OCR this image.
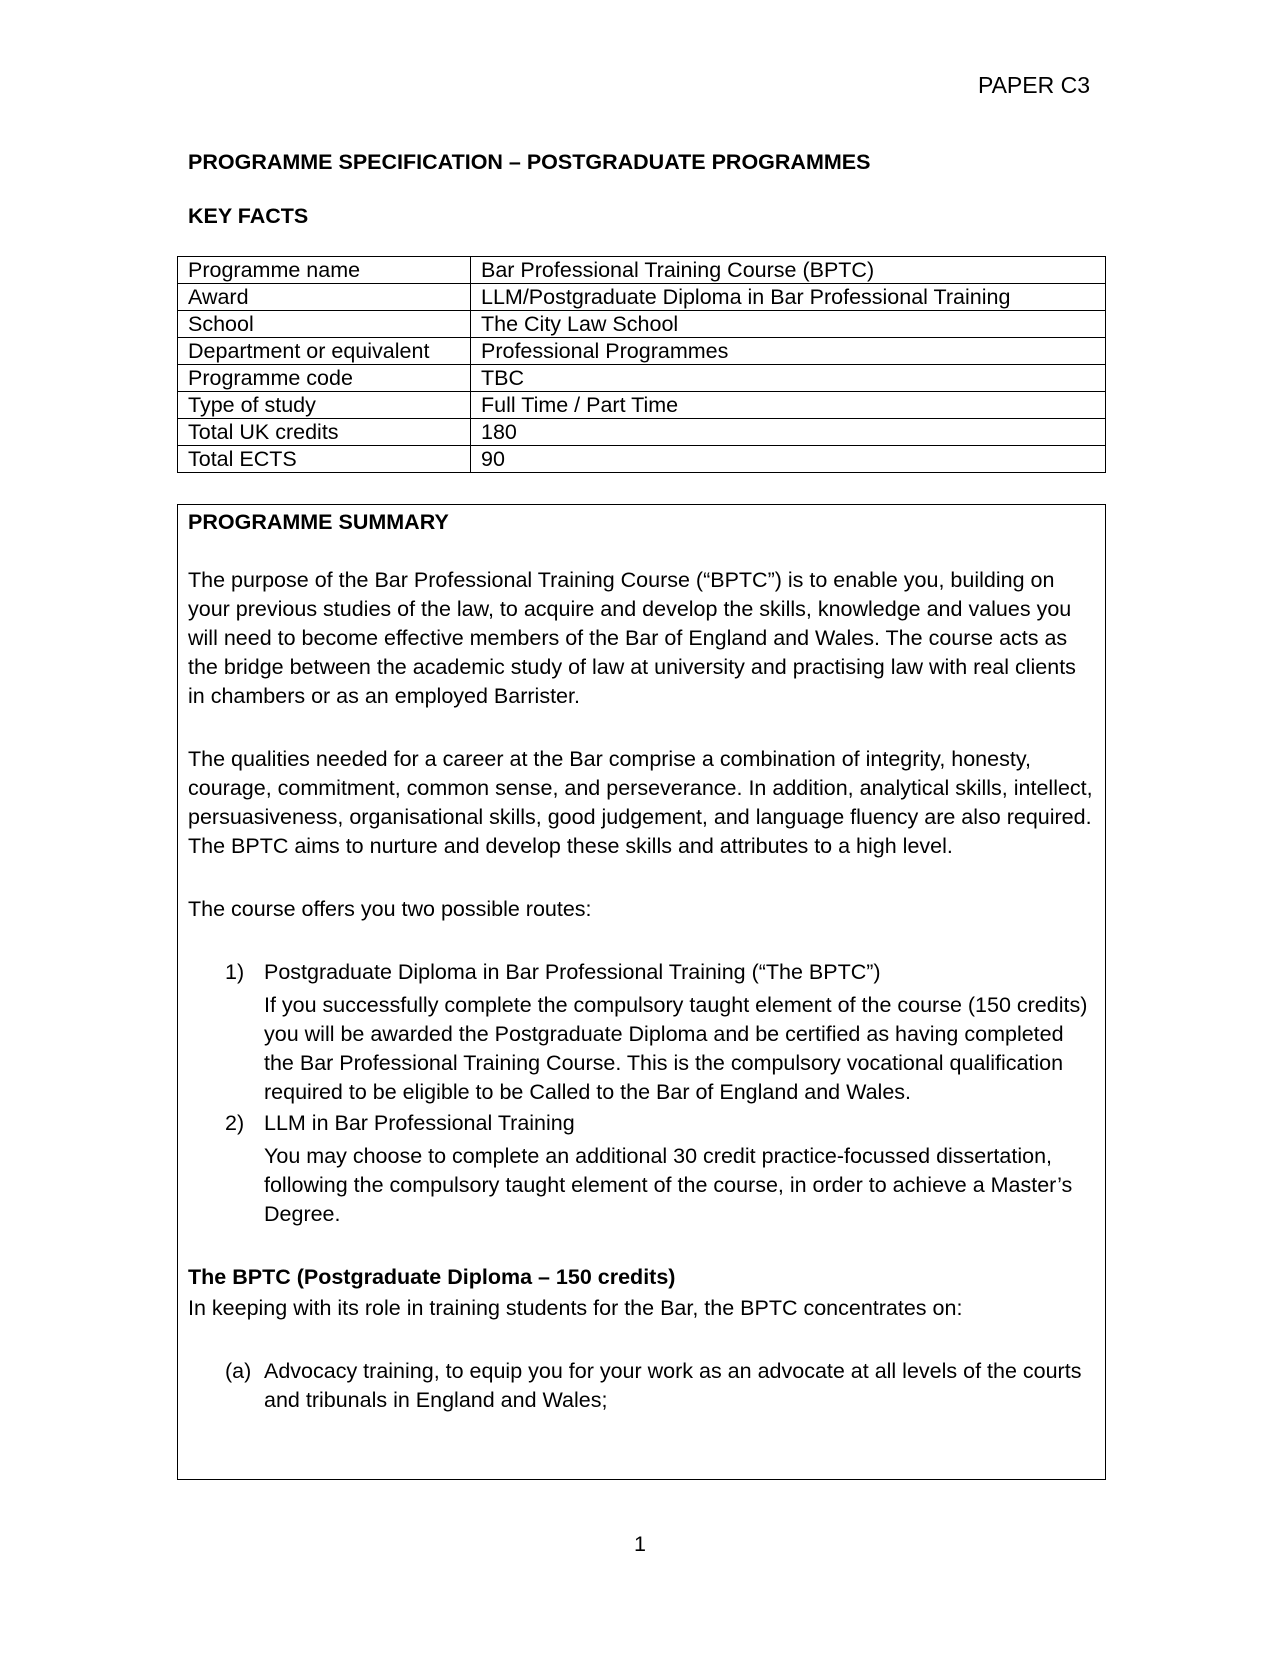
PAPER C3
PROGRAMME SPECIFICATION – POSTGRADUATE PROGRAMMES
KEY FACTS
Programme name	Bar Professional Training Course (BPTC)
Award	LLM/Postgraduate Diploma in Bar Professional Training
School	The City Law School
Department or equivalent	Professional Programmes
Programme code	TBC
Type of study	Full Time / Part Time
Total UK credits	180
Total ECTS	90
PROGRAMME SUMMARY

The purpose of the Bar Professional Training Course (“BPTC”) is to enable you, building on your previous studies of the law, to acquire and develop the skills, knowledge and values you will need to become effective members of the Bar of England and Wales. The course acts as the bridge between the academic study of law at university and practising law with real clients in chambers or as an employed Barrister.

The qualities needed for a career at the Bar comprise a combination of integrity, honesty, courage, commitment, common sense, and perseverance. In addition, analytical skills, intellect, persuasiveness, organisational skills, good judgement, and language fluency are also required. The BPTC aims to nurture and develop these skills and attributes to a high level.

The course offers you two possible routes:

1) Postgraduate Diploma in Bar Professional Training (“The BPTC”)
If you successfully complete the compulsory taught element of the course (150 credits) you will be awarded the Postgraduate Diploma and be certified as having completed the Bar Professional Training Course. This is the compulsory vocational qualification required to be eligible to be Called to the Bar of England and Wales.
2) LLM in Bar Professional Training
You may choose to complete an additional 30 credit practice-focussed dissertation, following the compulsory taught element of the course, in order to achieve a Master’s Degree.
The BPTC (Postgraduate Diploma – 150 credits)
In keeping with its role in training students for the Bar, the BPTC concentrates on:
(a) Advocacy training, to equip you for your work as an advocate at all levels of the courts and tribunals in England and Wales;
1
